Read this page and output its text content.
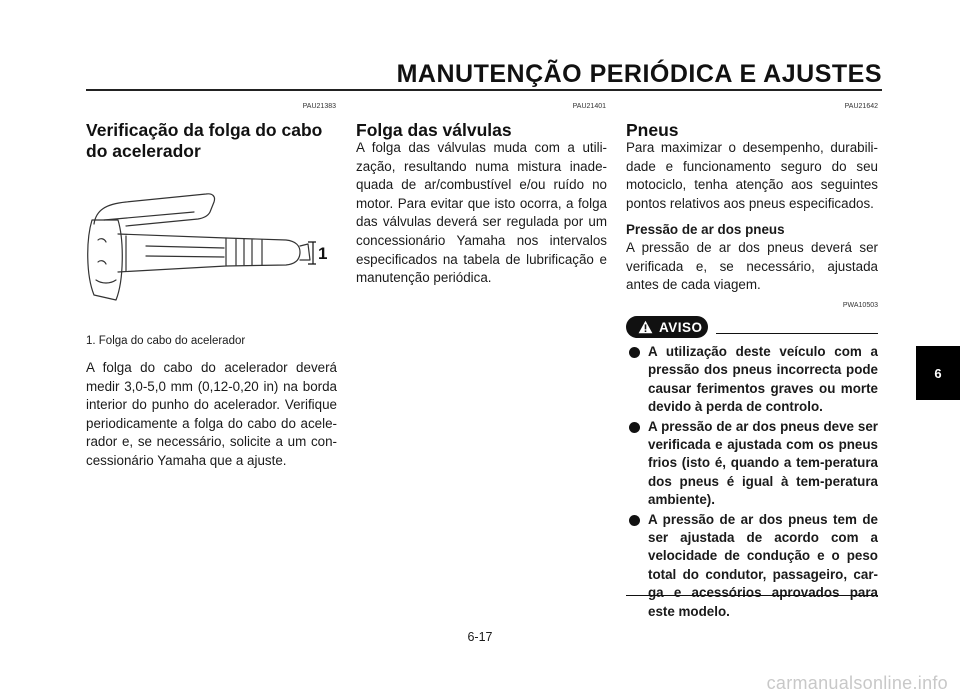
MANUTENÇÃO PERIÓDICA E AJUSTES
PAU21383
Verificação da folga do cabo do acelerador
1
1. Folga do cabo do acelerador
A folga do cabo do acelerador deverá medir 3,0-5,0 mm (0,12-0,20 in) na borda interior do punho do acelerador. Verifique periodicamente a folga do cabo do acele-rador e, se necessário, solicite a um con-cessionário Yamaha que a ajuste.
PAU21401
Folga das válvulas
A folga das válvulas muda com a utili-zação, resultando numa mistura inade-quada de ar/combustível e/ou ruído no motor. Para evitar que isto ocorra, a folga das válvulas deverá ser regulada por um concessionário Yamaha nos intervalos especificados na tabela de lubrificação e manutenção periódica.
PAU21642
Pneus
Para maximizar o desempenho, durabili-dade e funcionamento seguro do seu motociclo, tenha atenção aos seguintes pontos relativos aos pneus especificados.
Pressão de ar dos pneus
A pressão de ar dos pneus deverá ser verificada e, se necessário, ajustada antes de cada viagem.
PWA10503
AVISO
A utilização deste veículo com a pressão dos pneus incorrecta pode causar ferimentos graves ou morte devido à perda de controlo.
A pressão de ar dos pneus deve ser verificada e ajustada com os pneus frios (isto é, quando a tem-peratura dos pneus é igual à tem-peratura ambiente).
A pressão de ar dos pneus tem de ser ajustada de acordo com a velocidade de condução e o peso total do condutor, passageiro, car-ga e acessórios aprovados para este modelo.
6
6-17
carmanualsonline.info
